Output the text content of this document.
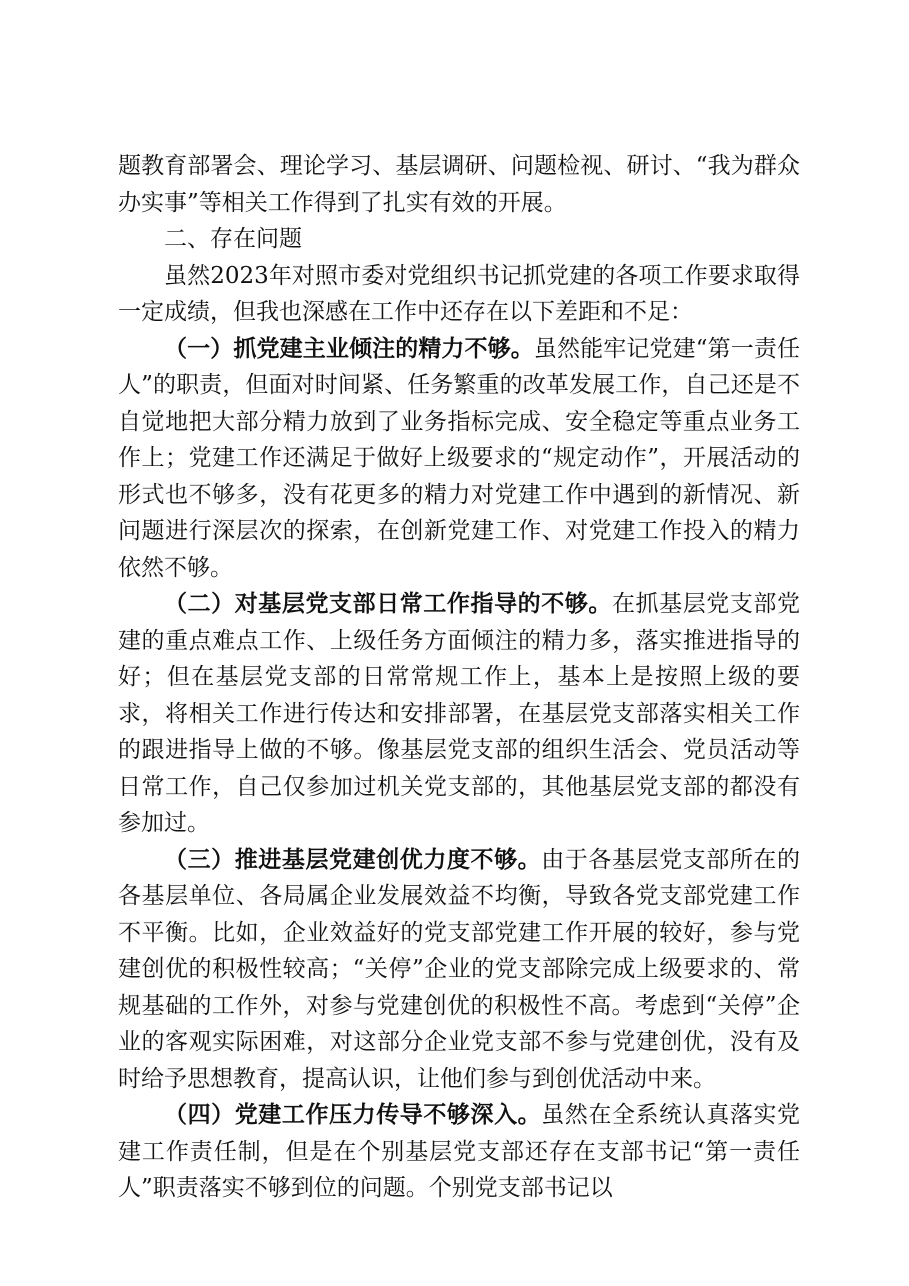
题教育部署会、理论学习、基层调研、问题检视、研讨、“我为群众办实事”等相关工作得到了扎实有效的开展。

二、存在问题

虽然2023年对照市委对党组织书记抓党建的各项工作要求取得一定成绩，但我也深感在工作中还存在以下差距和不足：

（一）抓党建主业倾注的精力不够。虽然能牢记党建“第一责任人”的职责，但面对时间紧、任务繁重的改革发展工作，自己还是不自觉地把大部分精力放到了业务指标完成、安全稳定等重点业务工作上；党建工作还满足于做好上级要求的“规定动作”，开展活动的形式也不够多，没有花更多的精力对党建工作中遇到的新情况、新问题进行深层次的探索，在创新党建工作、对党建工作投入的精力依然不够。

（二）对基层党支部日常工作指导的不够。在抓基层党支部党建的重点难点工作、上级任务方面倾注的精力多，落实推进指导的好；但在基层党支部的日常常规工作上，基本上是按照上级的要求，将相关工作进行传达和安排部署，在基层党支部落实相关工作的跟进指导上做的不够。像基层党支部的组织生活会、党员活动等日常工作，自己仅参加过机关党支部的，其他基层党支部的都没有参加过。

（三）推进基层党建创优力度不够。由于各基层党支部所在的各基层单位、各局属企业发展效益不均衡，导致各党支部党建工作不平衡。比如，企业效益好的党支部党建工作开展的较好，参与党建创优的积极性较高；“关停”企业的党支部除完成上级要求的、常规基础的工作外，对参与党建创优的积极性不高。考虑到“关停”企业的客观实际困难，对这部分企业党支部不参与党建创优，没有及时给予思想教育，提高认识，让他们参与到创优活动中来。

（四）党建工作压力传导不够深入。虽然在全系统认真落实党建工作责任制，但是在个别基层党支部还存在支部书记“第一责任人”职责落实不够到位的问题。个别党支部书记以
